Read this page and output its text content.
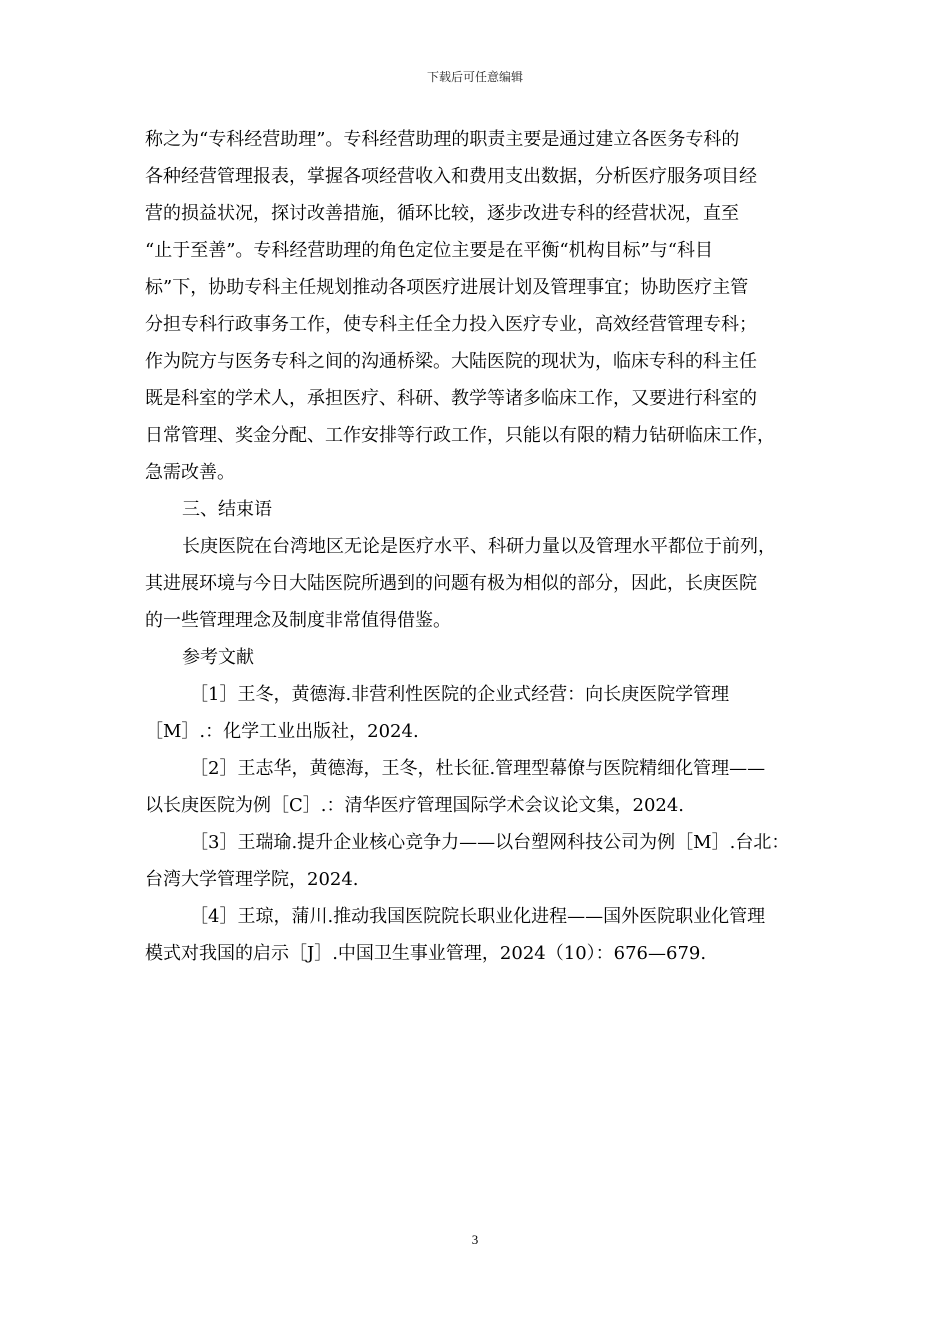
下载后可任意编辑
称之为“专科经营助理”。专科经营助理的职责主要是通过建立各医务专科的
各种经营管理报表，掌握各项经营收入和费用支出数据，分析医疗服务项目经
营的损益状况，探讨改善措施，循环比较，逐步改进专科的经营状况，直至
“止于至善”。专科经营助理的角色定位主要是在平衡“机构目标”与“科目
标”下，协助专科主任规划推动各项医疗进展计划及管理事宜；协助医疗主管
分担专科行政事务工作，使专科主任全力投入医疗专业，高效经营管理专科；
作为院方与医务专科之间的沟通桥梁。大陆医院的现状为，临床专科的科主任
既是科室的学术人，承担医疗、科研、教学等诸多临床工作，又要进行科室的
日常管理、奖金分配、工作安排等行政工作，只能以有限的精力钻研临床工作，
急需改善。
三、结束语
长庚医院在台湾地区无论是医疗水平、科研力量以及管理水平都位于前列，
其进展环境与今日大陆医院所遇到的问题有极为相似的部分，因此，长庚医院
的一些管理理念及制度非常值得借鉴。
参考文献
［1］王冬，黄德海.非营利性医院的企业式经营：向长庚医院学管理
［M］.：化学工业出版社，2024.
［2］王志华，黄德海，王冬，杜长征.管理型幕僚与医院精细化管理——
以长庚医院为例［C］.：清华医疗管理国际学术会议论文集，2024.
［3］王瑞瑜.提升企业核心竞争力——以台塑网科技公司为例［M］.台北：
台湾大学管理学院，2024.
［4］王琼，蒲川.推动我国医院院长职业化进程——国外医院职业化管理
模式对我国的启示［J］.中国卫生事业管理，2024（10）：676—679.
3
